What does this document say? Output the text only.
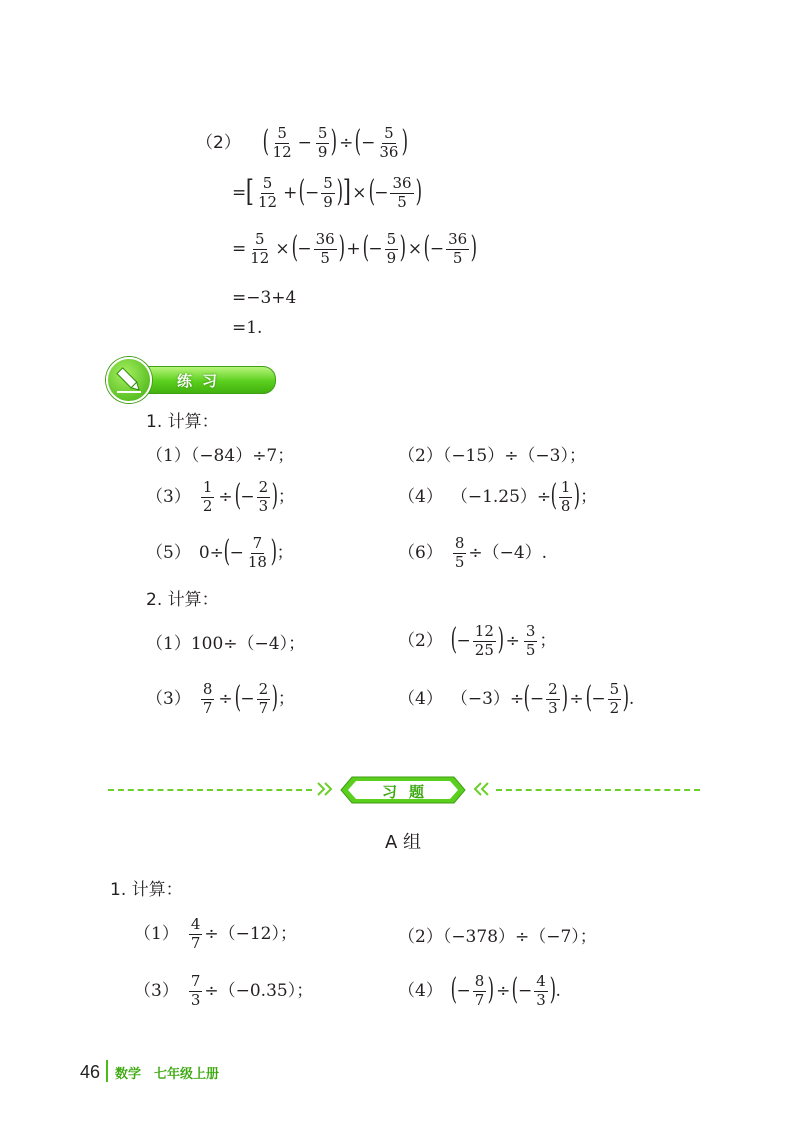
（2） ( $\frac{5}{12} - \frac{5}{9}$ ) ÷ ( − $\frac{5}{36}$ )
= [ $\frac{5}{12}$ + ( − $\frac{5}{9}$ ) ] × ( − $\frac{36}{5}$ )
= $\frac{5}{12}$ × ( − $\frac{36}{5}$ ) + ( − $\frac{5}{9}$ ) × ( − $\frac{36}{5}$ )
=−3+4
=1.
练习
1. 计算：
（1）（−84）÷7；	（2）（−15）÷（−3）；
$(3) \frac{1}{2}$ ÷ ( − $\frac{2}{3}$ ) ；	（4） （−1.25）÷ ( $\frac{1}{8}$ ) ；
（5） 0÷ ( − $\frac{7}{18}$ ) ；	$(6) \frac{8}{5} \div(-4)$.
2. 计算：
（1）100÷（−4）；	（2） ( − $\frac{12}{25}$ ) ÷ $\frac{3}{5}$ ；
$(3) \frac{8}{7}$ ÷ ( − $\frac{2}{7}$ ) ；	（4） （−3）÷ ( − $\frac{2}{3}$ ) ÷ ( − $\frac{5}{2}$ ) .
习题
A 组
1. 计算：
$(1) \frac{4}{7} \div(-12)$；	（2）（−378）÷（−7）；
$(3) \frac{7}{3} \div(-0.35)$；	（4） ( − $\frac{8}{7}$ ) ÷ ( − $\frac{4}{3}$ ) .
46 数学　七年级上册
